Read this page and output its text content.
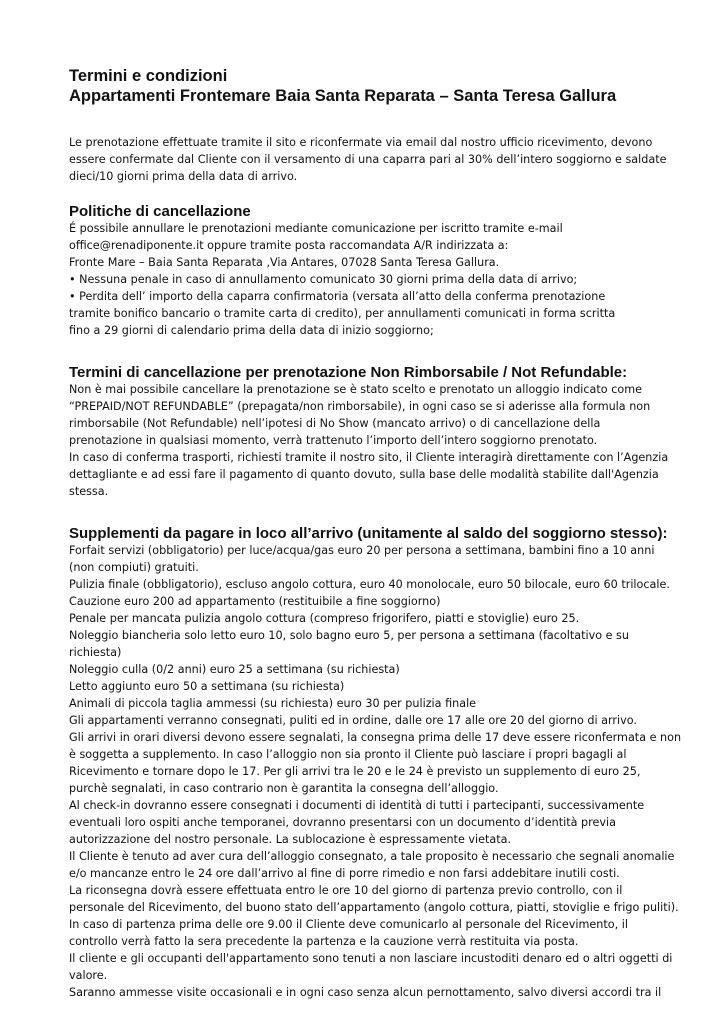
Termini e condizioni
Appartamenti Frontemare Baia Santa Reparata – Santa Teresa Gallura
Le prenotazione effettuate tramite il sito e riconfermate via email dal nostro ufficio ricevimento, devono
essere confermate dal Cliente con il versamento di una caparra pari al 30% dell’intero soggiorno e saldate
dieci/10 giorni prima della data di arrivo.
Politiche di cancellazione
É possibile annullare le prenotazioni mediante comunicazione per iscritto tramite e-mail
office@renadiponente.it oppure tramite posta raccomandata A/R indirizzata a:
Fronte Mare – Baia Santa Reparata ,Via Antares, 07028 Santa Teresa Gallura.
• Nessuna penale in caso di annullamento comunicato 30 giorni prima della data di arrivo;
• Perdita dell’ importo della caparra confirmatoria (versata all’atto della conferma prenotazione
tramite bonifico bancario o tramite carta di credito), per annullamenti comunicati in forma scritta
fino a 29 giorni di calendario prima della data di inizio soggiorno;
Termini di cancellazione per prenotazione Non Rimborsabile / Not Refundable:
Non è mai possibile cancellare la prenotazione se è stato scelto e prenotato un alloggio indicato come
“PREPAID/NOT REFUNDABLE” (prepagata/non rimborsabile), in ogni caso se si aderisse alla formula non
rimborsabile (Not Refundable) nell’ipotesi di No Show (mancato arrivo) o di cancellazione della
prenotazione in qualsiasi momento, verrà trattenuto l’importo dell’intero soggiorno prenotato.
In caso di conferma trasporti, richiesti tramite il nostro sito, il Cliente interagirà direttamente con l’Agenzia
dettagliante e ad essi fare il pagamento di quanto dovuto, sulla base delle modalità stabilite dall'Agenzia
stessa.
Supplementi da pagare in loco all’arrivo (unitamente al saldo del soggiorno stesso):
Forfait servizi (obbligatorio) per luce/acqua/gas euro 20 per persona a settimana, bambini fino a 10 anni
(non compiuti) gratuiti.
Pulizia finale (obbligatorio), escluso angolo cottura, euro 40 monolocale, euro 50 bilocale, euro 60 trilocale.
Cauzione euro 200 ad appartamento (restituibile a fine soggiorno)
Penale per mancata pulizia angolo cottura (compreso frigorifero, piatti e stoviglie) euro 25.
Noleggio biancheria solo letto euro 10, solo bagno euro 5, per persona a settimana (facoltativo e su
richiesta)
Noleggio culla (0/2 anni) euro 25 a settimana (su richiesta)
Letto aggiunto euro 50 a settimana (su richiesta)
Animali di piccola taglia ammessi (su richiesta) euro 30 per pulizia finale
Gli appartamenti verranno consegnati, puliti ed in ordine, dalle ore 17 alle ore 20 del giorno di arrivo.
Gli arrivi in orari diversi devono essere segnalati, la consegna prima delle 17 deve essere riconfermata e non
è soggetta a supplemento. In caso l’alloggio non sia pronto il Cliente può lasciare i propri bagagli al
Ricevimento e tornare dopo le 17. Per gli arrivi tra le 20 e le 24 è previsto un supplemento di euro 25,
purchè segnalati, in caso contrario non è garantita la consegna dell’alloggio.
Al check-in dovranno essere consegnati i documenti di identità di tutti i partecipanti, successivamente
eventuali loro ospiti anche temporanei, dovranno presentarsi con un documento d’identità previa
autorizzazione del nostro personale. La sublocazione è espressamente vietata.
Il Cliente è tenuto ad aver cura dell’alloggio consegnato, a tale proposito è necessario che segnali anomalie
e/o mancanze entro le 24 ore dall’arrivo al fine di porre rimedio e non farsi addebitare inutili costi.
La riconsegna dovrà essere effettuata entro le ore 10 del giorno di partenza previo controllo, con il
personale del Ricevimento, del buono stato dell’appartamento (angolo cottura, piatti, stoviglie e frigo puliti).
In caso di partenza prima delle ore 9.00 il Cliente deve comunicarlo al personale del Ricevimento, il
controllo verrà fatto la sera precedente la partenza e la cauzione verrà restituita via posta.
Il cliente e gli occupanti dell'appartamento sono tenuti a non lasciare incustoditi denaro ed o altri oggetti di
valore.
Saranno ammesse visite occasionali e in ogni caso senza alcun pernottamento, salvo diversi accordi tra il
